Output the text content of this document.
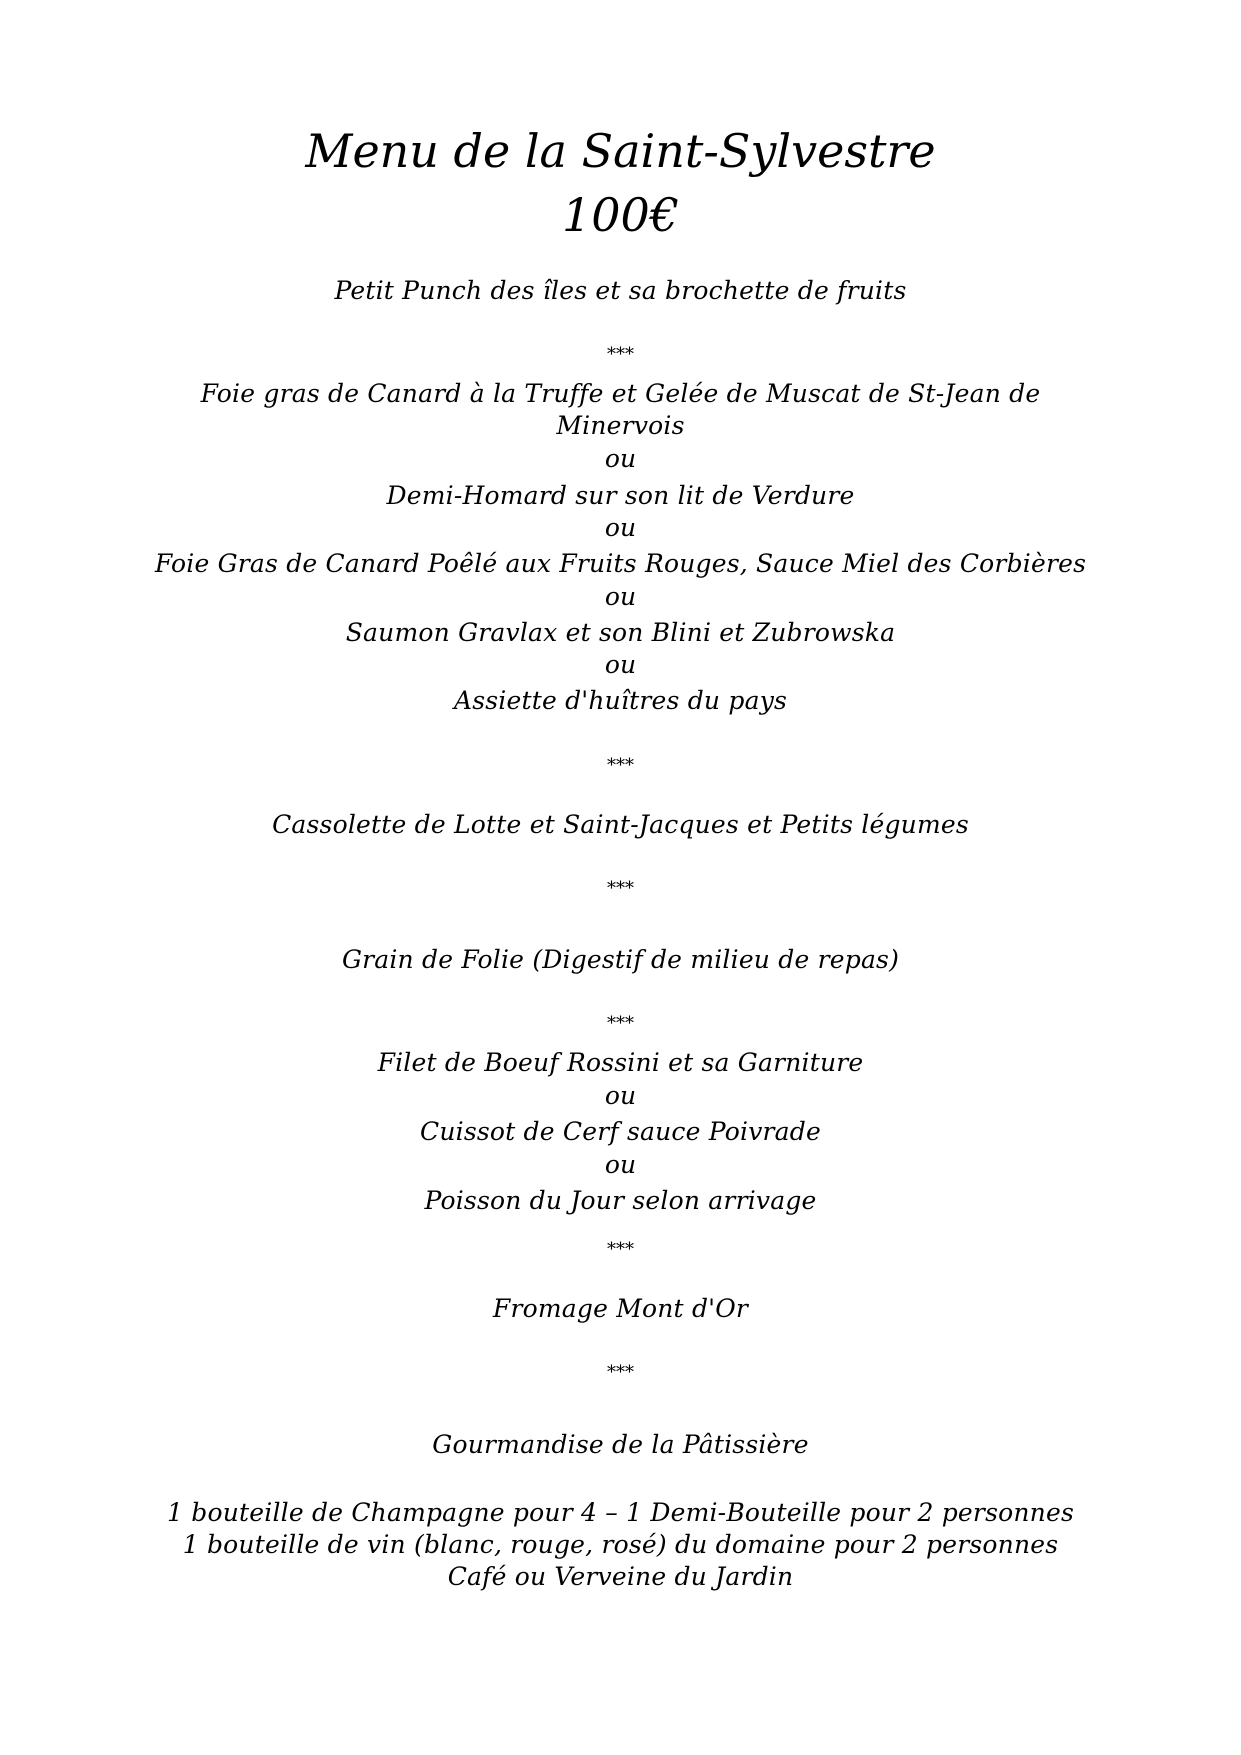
Menu de la Saint-Sylvestre
100€
Petit Punch des îles et sa brochette de fruits
***
Foie gras de Canard à la Truffe et Gelée de Muscat de St-Jean de
Minervois
ou
Demi-Homard sur son lit de Verdure
ou
Foie Gras de Canard Poêlé aux Fruits Rouges, Sauce Miel des Corbières
ou
Saumon Gravlax et son Blini et Zubrowska
ou
Assiette d'huîtres du pays
***
Cassolette de Lotte et Saint-Jacques et Petits légumes
***
Grain de Folie (Digestif de milieu de repas)
***
Filet de Boeuf Rossini et sa Garniture
ou
Cuissot de Cerf sauce Poivrade
ou
Poisson du Jour selon arrivage
***
Fromage Mont d'Or
***
Gourmandise de la Pâtissière
1 bouteille de Champagne pour 4 – 1 Demi-Bouteille pour 2 personnes
1 bouteille de vin (blanc, rouge, rosé) du domaine pour 2 personnes
Café ou Verveine du Jardin
